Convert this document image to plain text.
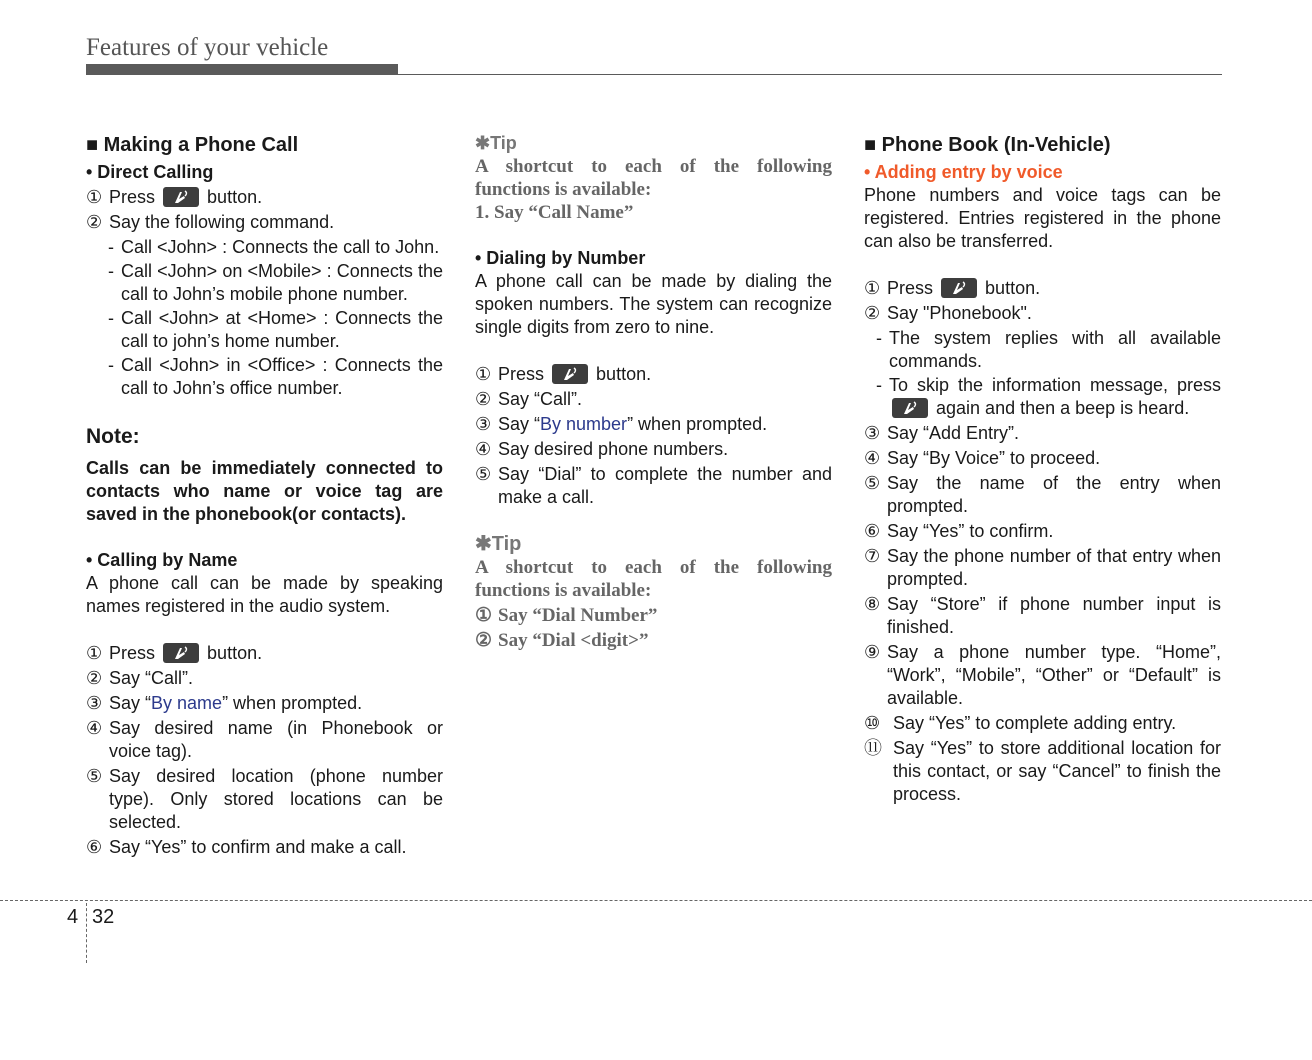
Features of your vehicle
■ Making a Phone Call
• Direct Calling
① Press	button.
② Say the following command.
- Call <John> : Connects the call to John.
- Call <John> on <Mobile> : Connects the call to John’s mobile phone number.
- Call <John> at <Home> : Connects the call to john’s home number.
- Call <John> in <Office> : Connects the call to John’s office number.
Note:
Calls can be immediately connected to contacts who name or voice tag are saved in the phonebook(or contacts).
• Calling by Name
A phone call can be made by speaking names registered in the audio system.
① Press	button.
② Say “Call”.
③ Say “By name” when prompted.
④ Say desired name (in Phonebook or voice tag).
⑤ Say desired location (phone number type). Only stored locations can be selected.
⑥ Say “Yes” to confirm and make a call.
✱Tip
A shortcut to each of the following functions is available:
1. Say “Call Name”
• Dialing by Number
A phone call can be made by dialing the spoken numbers. The system can recognize single digits from zero to nine.
① Press	button.
② Say “Call”.
③ Say “By number” when prompted.
④ Say desired phone numbers.
⑤ Say “Dial” to complete the number and make a call.
✱Tip
A shortcut to each of the following functions is available:
① Say “Dial Number”
② Say “Dial <digit>”
■ Phone Book (In-Vehicle)
• Adding entry by voice
Phone numbers and voice tags can be registered. Entries registered in the phone can also be transferred.
① Press	button.
② Say "Phonebook".
- The system replies with all available commands.
- To skip the information message, press
again and then a beep is heard.
③ Say “Add Entry”.
④ Say “By Voice” to proceed.
⑤ Say the name of the entry when prompted.
⑥ Say “Yes” to confirm.
⑦ Say the phone number of that entry when prompted.
⑧ Say “Store” if phone number input is finished.
⑨ Say a phone number type. “Home”, “Work”, “Mobile”, “Other” or “Default” is available.
⑩ Say “Yes” to complete adding entry.
⑪ Say “Yes” to store additional location for this contact, or say “Cancel” to finish the process.
4 32
